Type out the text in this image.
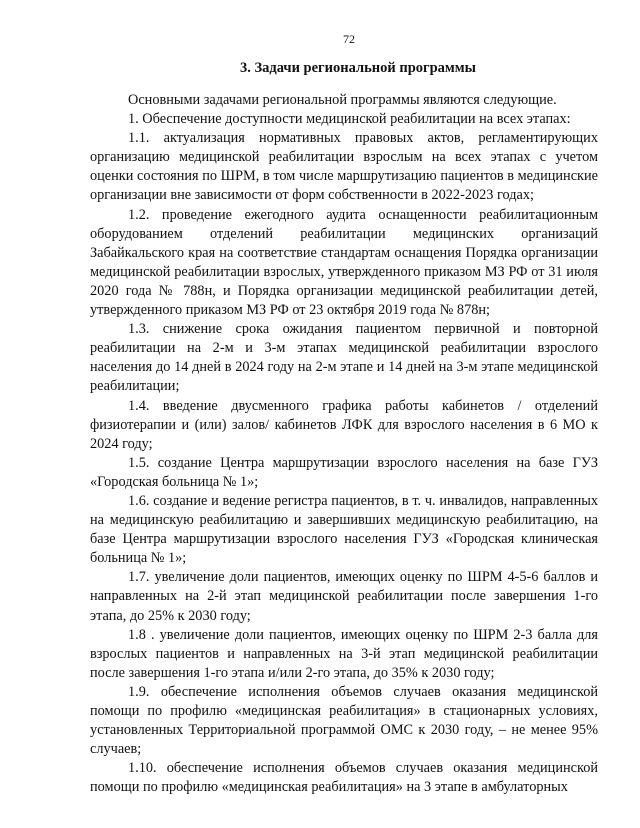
72
3. Задачи региональной программы

Основными задачами региональной программы являются следующие.

1. Обеспечение доступности медицинской реабилитации на всех этапах:

1.1. актуализация нормативных правовых актов, регламентирующих организацию медицинской реабилитации взрослым на всех этапах с учетом оценки состояния по ШРМ, в том числе маршрутизацию пациентов в медицинские организации вне зависимости от форм собственности в 2022-2023 годах;

1.2. проведение ежегодного аудита оснащенности реабилитационным оборудованием отделений реабилитации медицинских организаций Забайкальского края на соответствие стандартам оснащения Порядка организации медицинской реабилитации взрослых, утвержденного приказом МЗ РФ от 31 июля 2020 года № 788н, и Порядка организации медицинской реабилитации детей, утвержденного приказом МЗ РФ от 23 октября 2019 года № 878н;

1.3. снижение срока ожидания пациентом первичной и повторной реабилитации на 2-м и 3-м этапах медицинской реабилитации взрослого населения до 14 дней в 2024 году на 2-м этапе и 14 дней на 3-м этапе медицинской реабилитации;

1.4. введение двусменного графика работы кабинетов / отделений физиотерапии и (или) залов/ кабинетов ЛФК для взрослого населения в 6 МО к 2024 году;

1.5. создание Центра маршрутизации взрослого населения на базе ГУЗ «Городская больница № 1»;

1.6. создание и ведение регистра пациентов, в т. ч. инвалидов, направленных на медицинскую реабилитацию и завершивших медицинскую реабилитацию, на базе Центра маршрутизации взрослого населения ГУЗ «Городская клиническая больница № 1»;

1.7. увеличение доли пациентов, имеющих оценку по ШРМ 4-5-6 баллов и направленных на 2-й этап медицинской реабилитации после завершения 1-го этапа, до 25% к 2030 году;

1.8 . увеличение доли пациентов, имеющих оценку по ШРМ 2-3 балла для взрослых пациентов и направленных на 3-й этап медицинской реабилитации после завершения 1-го этапа и/или 2-го этапа, до 35% к 2030 году;

1.9. обеспечение исполнения объемов случаев оказания медицинской помощи по профилю «медицинская реабилитация» в стационарных условиях, установленных Территориальной программой ОМС к 2030 году, – не менее 95% случаев;

1.10. обеспечение исполнения объемов случаев оказания медицинской помощи по профилю «медицинская реабилитация» на 3 этапе в амбулаторных
